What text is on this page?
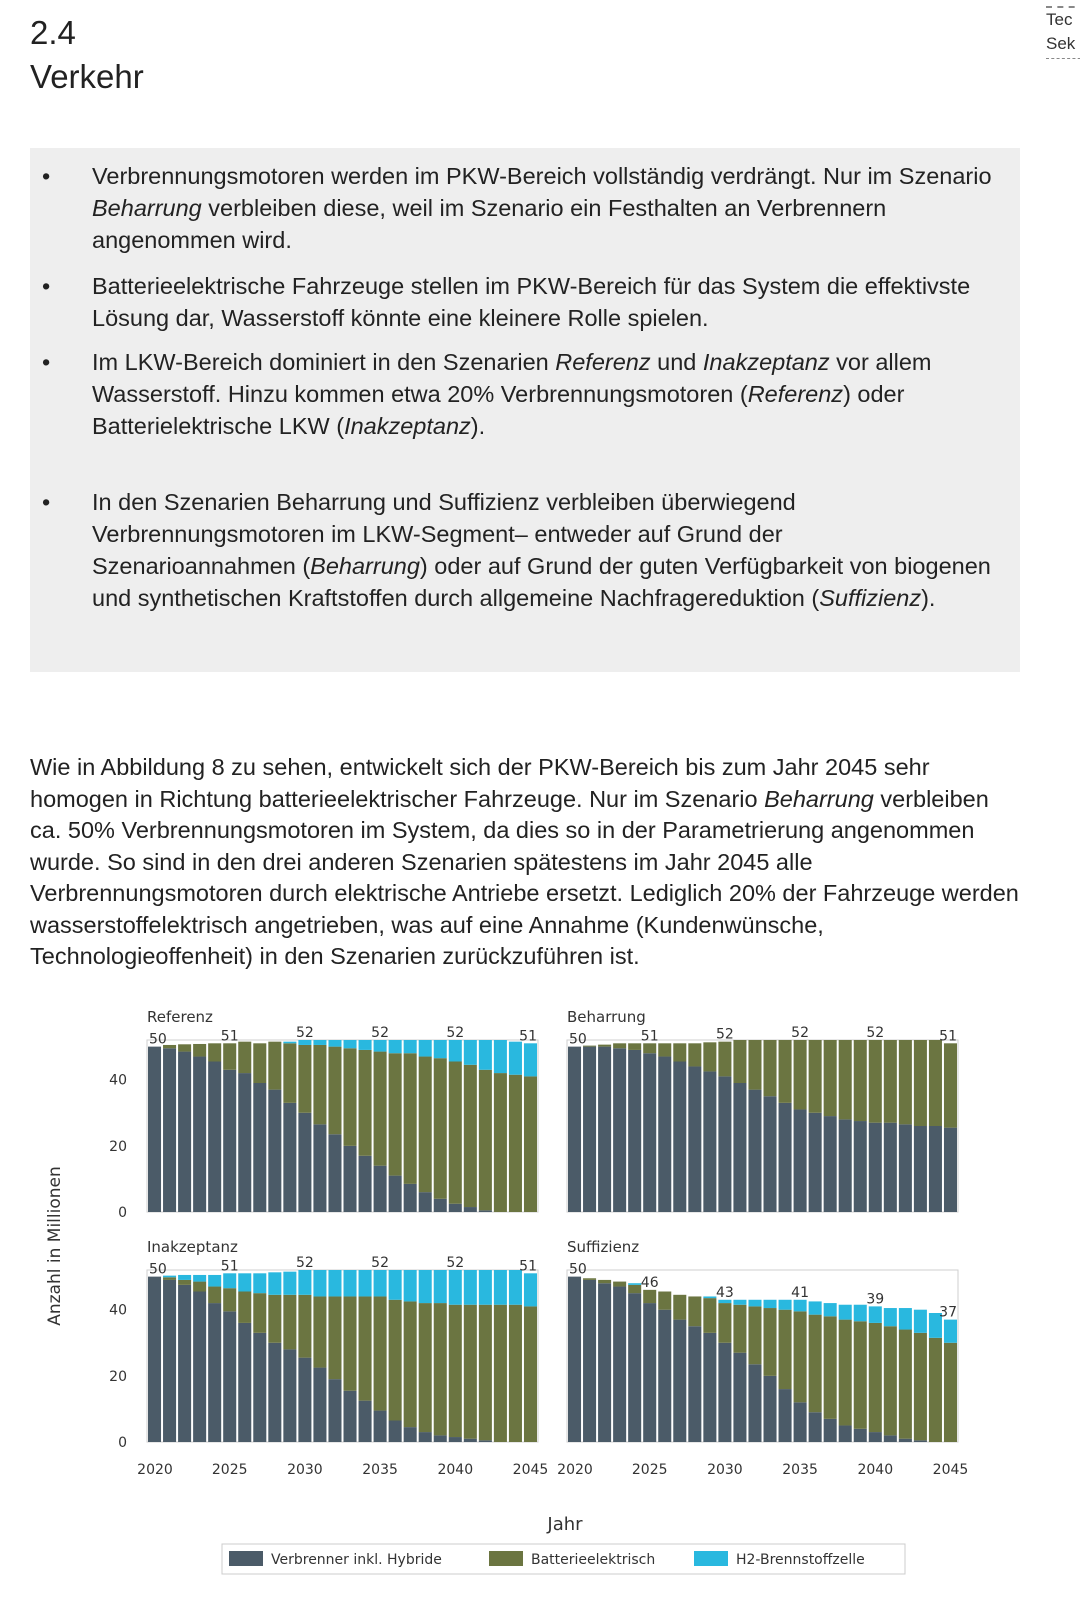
2.4
Verkehr
Tec
Sek
•	Verbrennungsmotoren werden im PKW-Bereich vollständig verdrängt. Nur im Szenario Beharrung verbleiben diese, weil im Szenario ein Festhalten an Verbrennern angenommen wird.
•	Batterieelektrische Fahrzeuge stellen im PKW-Bereich für das System die effektivste Lösung dar, Wasserstoff könnte eine kleinere Rolle spielen.
•	Im LKW-Bereich dominiert in den Szenarien Referenz und Inakzeptanz vor allem Wasserstoff. Hinzu kommen etwa 20% Verbrennungsmotoren (Referenz) oder Batterielektrische LKW (Inakzeptanz).
•	In den Szenarien Beharrung und Suffizienz verbleiben überwiegend Verbrennungsmotoren im LKW-Segment– entweder auf Grund der Szenarioannahmen (Beharrung) oder auf Grund der guten Verfügbarkeit von biogenen und synthetischen Kraftstoffen durch allgemeine Nachfragereduktion (Suffizienz).
Wie in Abbildung 8 zu sehen, entwickelt sich der PKW-Bereich bis zum Jahr 2045 sehr homogen in Richtung batterieelektrischer Fahrzeuge. Nur im Szenario Beharrung verbleiben ca. 50% Verbrennungsmotoren im System, da dies so in der Parametrierung angenommen wurde. So sind in den drei anderen Szenarien spätestens im Jahr 2045 alle Verbrennungsmotoren durch elektrische Antriebe ersetzt. Lediglich 20% der Fahrzeuge werden wasserstoffelektrisch angetrieben, was auf eine Annahme (Kundenwünsche, Technologieoffenheit) in den Szenarien zurückzuführen ist.
Referenz
50	51	52	52	52	51
0
20
40
Beharrung
50	51	52	52	52	51
Inakzeptanz
50	51	52	52	52	51
0
20
40
2020	2025	2030	2035	2040	2045
Suffizienz
50
46
43	41	39
37
2020	2025	2030	2035	2040	2045
Anzahl in Millionen
Jahr
Verbrenner inkl. Hybride	Batterieelektrisch	H2-Brennstoffzelle
